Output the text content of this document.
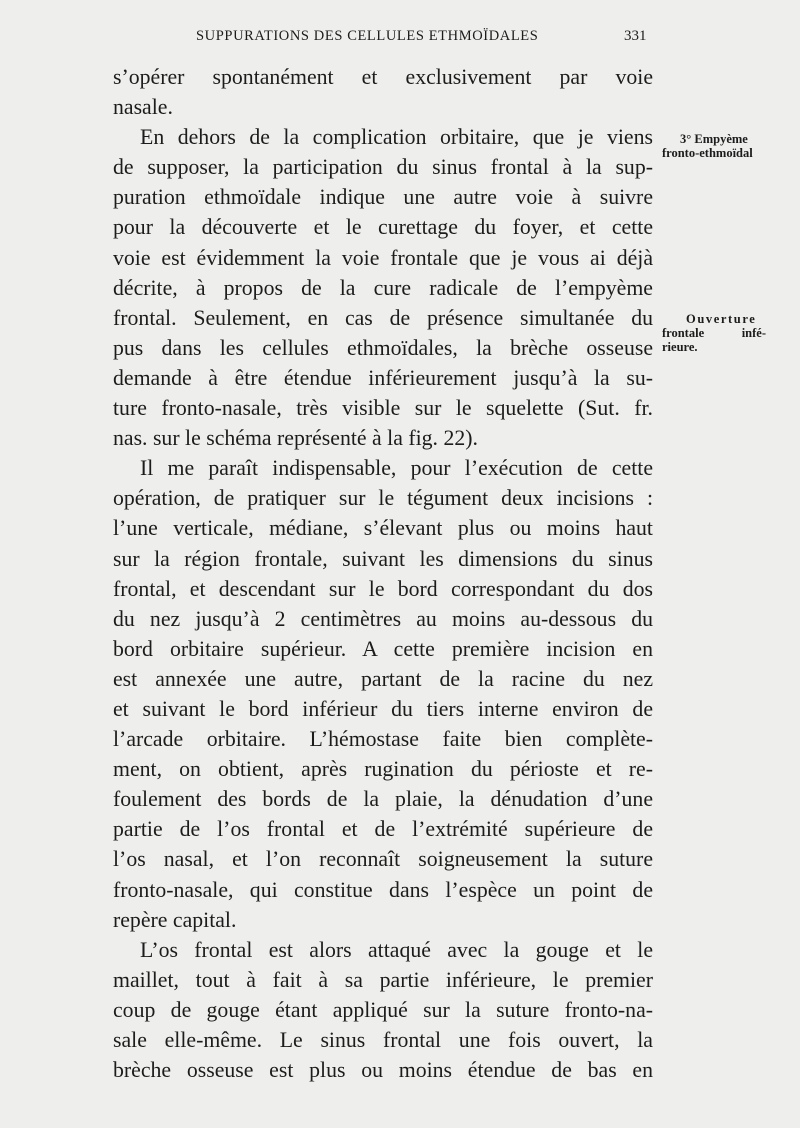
SUPPURATIONS DES CELLULES ETHMOÏDALES	331
3° Empyème
fronto-ethmoïdal
Ouverture
frontale infé-
rieure.
s’opérer spontanément et exclusivement par voie
nasale.
En dehors de la complication orbitaire, que je viens
de supposer, la participation du sinus frontal à la sup-
puration ethmoïdale indique une autre voie à suivre
pour la découverte et le curettage du foyer, et cette
voie est évidemment la voie frontale que je vous ai déjà
décrite, à propos de la cure radicale de l’empyème
frontal. Seulement, en cas de présence simultanée du
pus dans les cellules ethmoïdales, la brèche osseuse
demande à être étendue inférieurement jusqu’à la su-
ture fronto-nasale, très visible sur le squelette (Sut. fr.
nas. sur le schéma représenté à la fig. 22).
Il me paraît indispensable, pour l’exécution de cette
opération, de pratiquer sur le tégument deux incisions :
l’une verticale, médiane, s’élevant plus ou moins haut
sur la région frontale, suivant les dimensions du sinus
frontal, et descendant sur le bord correspondant du dos
du nez jusqu’à 2 centimètres au moins au-dessous du
bord orbitaire supérieur. A cette première incision en
est annexée une autre, partant de la racine du nez
et suivant le bord inférieur du tiers interne environ de
l’arcade orbitaire. L’hémostase faite bien complète-
ment, on obtient, après rugination du périoste et re-
foulement des bords de la plaie, la dénudation d’une
partie de l’os frontal et de l’extrémité supérieure de
l’os nasal, et l’on reconnaît soigneusement la suture
fronto-nasale, qui constitue dans l’espèce un point de
repère capital.
L’os frontal est alors attaqué avec la gouge et le
maillet, tout à fait à sa partie inférieure, le premier
coup de gouge étant appliqué sur la suture fronto-na-
sale elle-même. Le sinus frontal une fois ouvert, la
brèche osseuse est plus ou moins étendue de bas en
